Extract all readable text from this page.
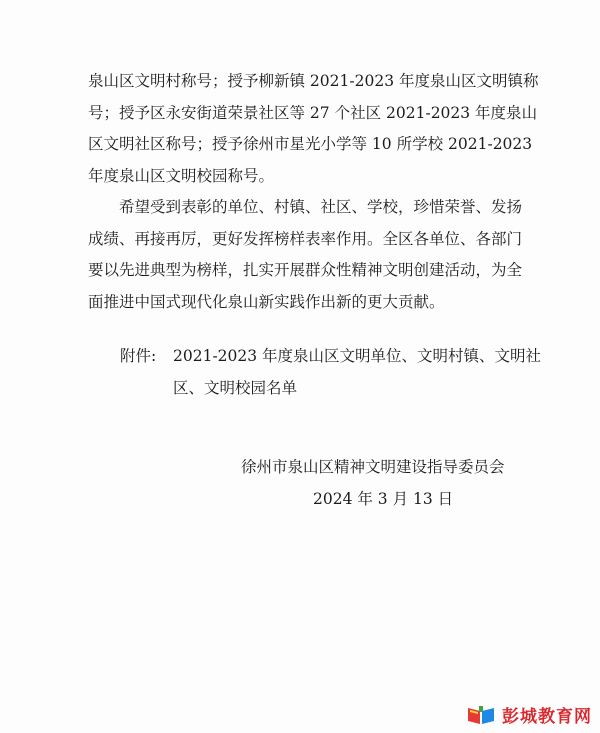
泉山区文明村称号；授予柳新镇 2021-2023 年度泉山区文明镇称
号；授予区永安街道荣景社区等 27 个社区 2021-2023 年度泉山
区文明社区称号；授予徐州市星光小学等 10 所学校 2021-2023
年度泉山区文明校园称号。
希望受到表彰的单位、村镇、社区、学校，珍惜荣誉、发扬
成绩、再接再厉，更好发挥榜样表率作用。全区各单位、各部门
要以先进典型为榜样，扎实开展群众性精神文明创建活动，为全
面推进中国式现代化泉山新实践作出新的更大贡献。
附件: 2021-2023 年度泉山区文明单位、文明村镇、文明社
区、文明校园名单
徐州市泉山区精神文明建设指导委员会
2024 年 3 月 13 日
彭城教育网
